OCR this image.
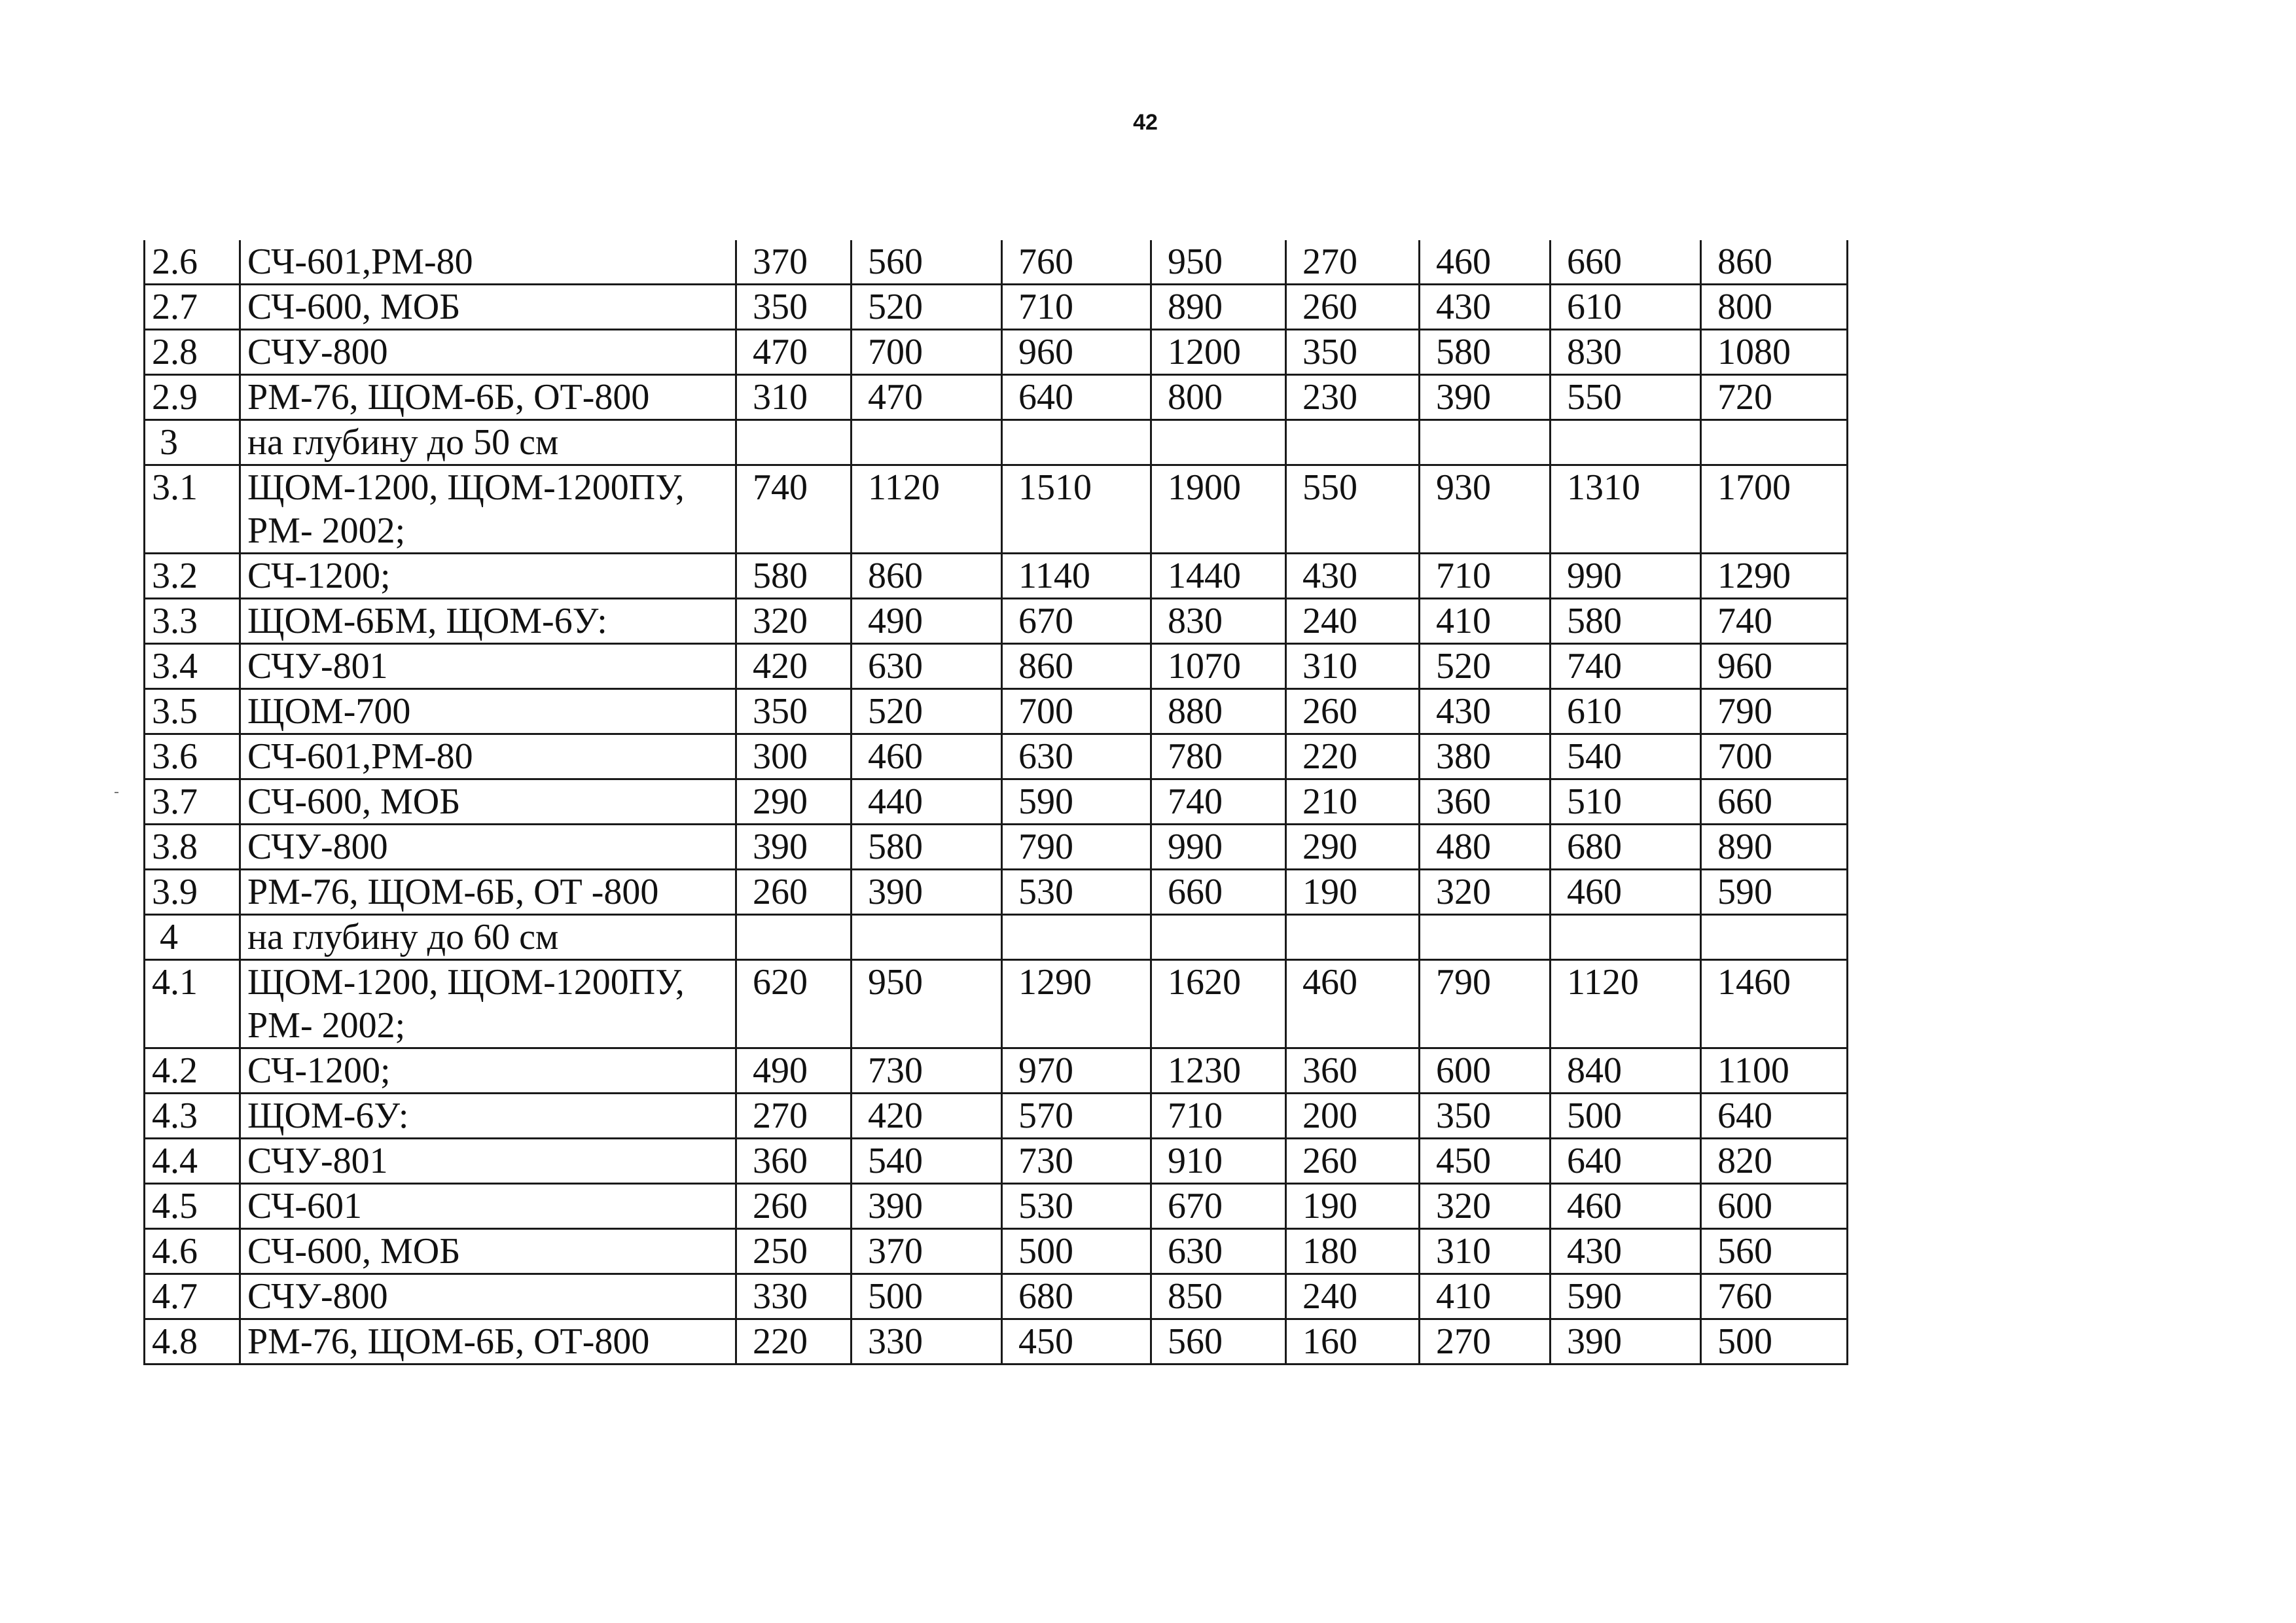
42
2.6	СЧ-601,РМ-80	370	560	760	950	270	460	660	860
2.7	СЧ-600, МОБ	350	520	710	890	260	430	610	800
2.8	СЧУ-800	470	700	960	1200	350	580	830	1080
2.9	РМ-76, ЩОМ-6Б, ОТ-800	310	470	640	800	230	390	550	720
3	на глубину до 50 см								
3.1	ЩОМ-1200, ЩОМ-1200ПУ, РМ- 2002;	740	1120	1510	1900	550	930	1310	1700
3.2	СЧ-1200;	580	860	1140	1440	430	710	990	1290
3.3	ЩОМ-6БМ, ЩОМ-6У:	320	490	670	830	240	410	580	740
3.4	СЧУ-801	420	630	860	1070	310	520	740	960
3.5	ЩОМ-700	350	520	700	880	260	430	610	790
3.6	СЧ-601,РМ-80	300	460	630	780	220	380	540	700
3.7	СЧ-600, МОБ	290	440	590	740	210	360	510	660
3.8	СЧУ-800	390	580	790	990	290	480	680	890
3.9	РМ-76, ЩОМ-6Б, ОТ -800	260	390	530	660	190	320	460	590
4	на глубину до 60 см								
4.1	ЩОМ-1200, ЩОМ-1200ПУ, РМ- 2002;	620	950	1290	1620	460	790	1120	1460
4.2	СЧ-1200;	490	730	970	1230	360	600	840	1100
4.3	ЩОМ-6У:	270	420	570	710	200	350	500	640
4.4	СЧУ-801	360	540	730	910	260	450	640	820
4.5	СЧ-601	260	390	530	670	190	320	460	600
4.6	СЧ-600, МОБ	250	370	500	630	180	310	430	560
4.7	СЧУ-800	330	500	680	850	240	410	590	760
4.8	РМ-76, ЩОМ-6Б, ОТ-800	220	330	450	560	160	270	390	500
